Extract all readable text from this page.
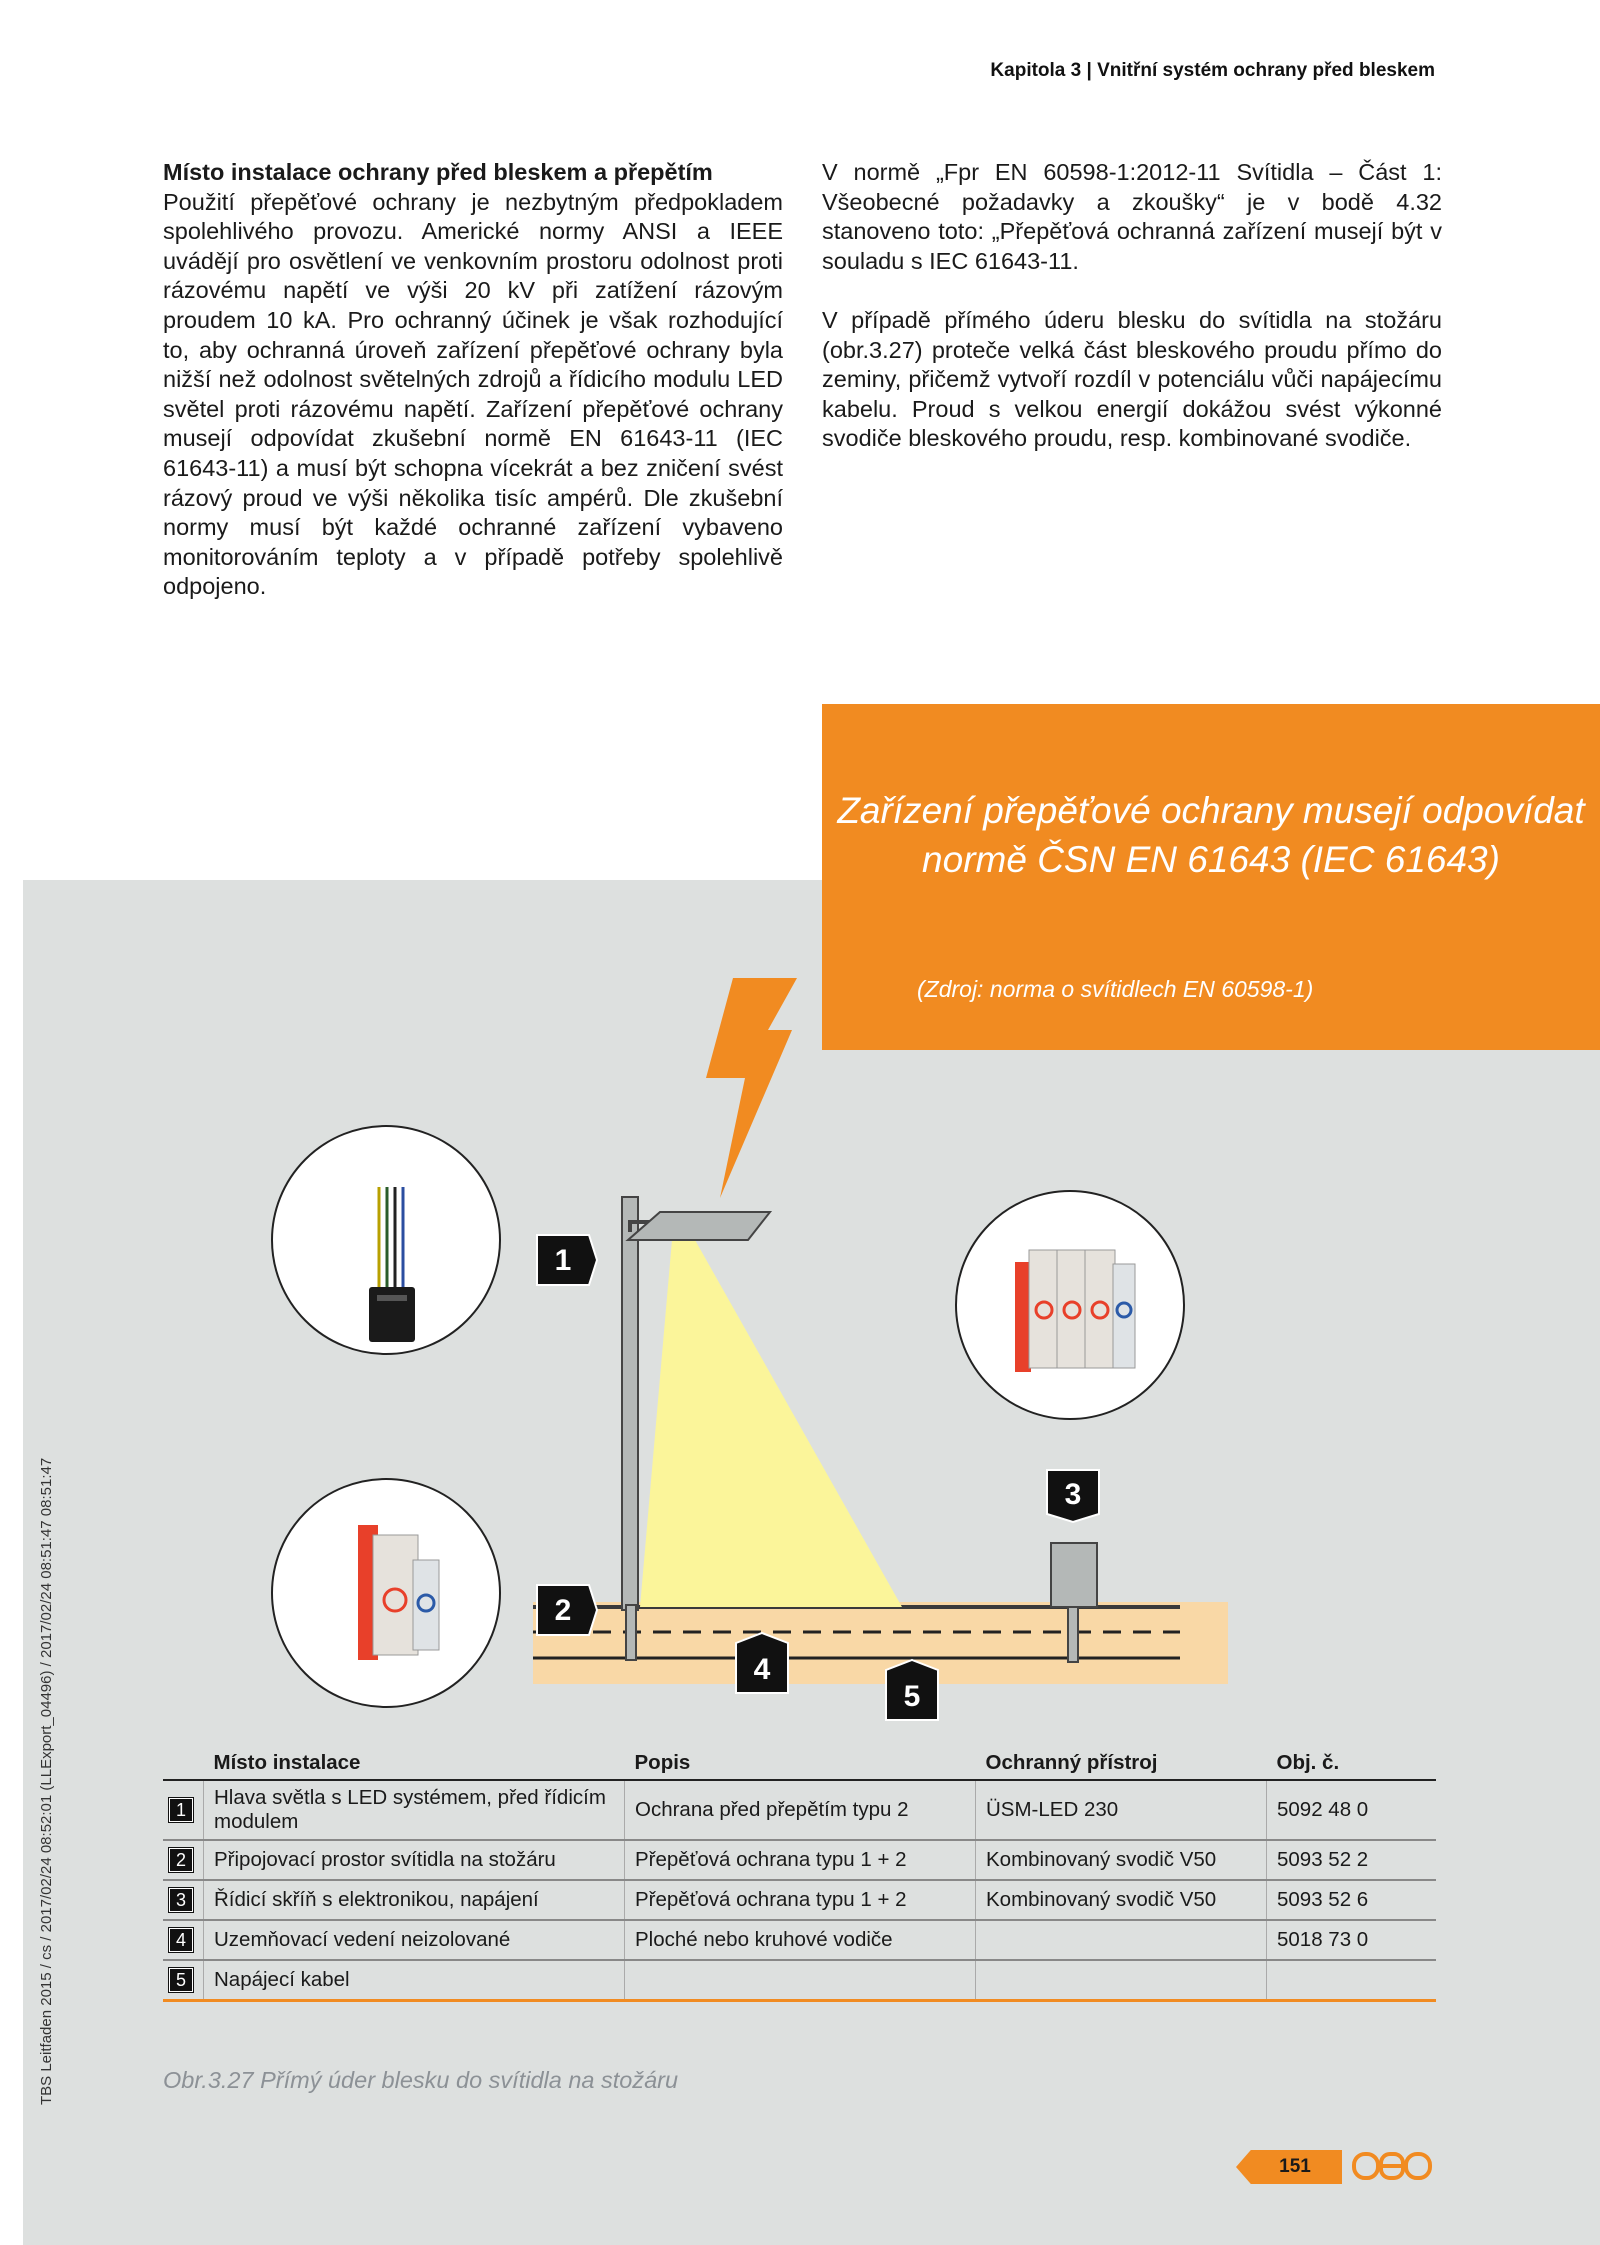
Kapitola 3 | Vnitřní systém ochrany před bleskem
Místo instalace ochrany před bleskem a přepětím

Použití přepěťové ochrany je nezbytným předpokladem spolehlivého provozu. Americké normy ANSI a IEEE uvádějí pro osvětlení ve venkovním prostoru odolnost proti rázovému napětí ve výši 20 kV při zatížení rázovým proudem 10 kA. Pro ochranný účinek je však rozhodující to, aby ochranná úroveň zařízení přepěťové ochrany byla nižší než odolnost světelných zdrojů a řídicího modulu LED světel proti rázovému napětí. Zařízení přepěťové ochrany musejí odpovídat zkušební normě EN 61643-11 (IEC 61643-11) a musí být schopna vícekrát a bez zničení svést rázový proud ve výši několika tisíc ampérů. Dle zkušební normy musí být každé ochranné zařízení vybaveno monitorováním teploty a v případě potřeby spolehlivě odpojeno.

V normě „Fpr EN 60598-1:2012-11 Svítidla – Část 1: Všeobecné požadavky a zkoušky“ je v bodě 4.32 stanoveno toto: „Přepěťová ochranná zařízení musejí být v souladu s IEC 61643-11.

V případě přímého úderu blesku do svítidla na stožáru (obr.3.27) proteče velká část bleskového proudu přímo do zeminy, přičemž vytvoří rozdíl v potenciálu vůči napájecímu kabelu. Proud s velkou energií dokážou svést výkonné svodiče bleskového proudu, resp. kombinované svodiče.

Zařízení přepěťové ochrany musejí odpovídat normě ČSN EN 61643 (IEC 61643)
(Zdroj: norma o svítidlech EN 60598-1)
TBS Leitfaden 2015 / cs / 2017/02/24 08:52:01 (LLExport_04496) / 2017/02/24 08:51:47 08:51:47
1
2
3
4
5
	Místo instalace	Popis	Ochranný přístroj	Obj. č.
1	Hlava světla s LED systémem, před řídicím modulem	Ochrana před přepětím typu 2	ÜSM-LED 230	5092 48 0
2	Připojovací prostor svítidla na stožáru	Přepěťová ochrana typu 1 + 2	Kombinovaný svodič V50	5093 52 2
3	Řídicí skříň s elektronikou, napájení	Přepěťová ochrana typu 1 + 2	Kombinovaný svodič V50	5093 52 6
4	Uzemňovací vedení neizolované	Ploché nebo kruhové vodiče		5018 73 0
5	Napájecí kabel			
Obr.3.27 Přímý úder blesku do svítidla na stožáru
151
